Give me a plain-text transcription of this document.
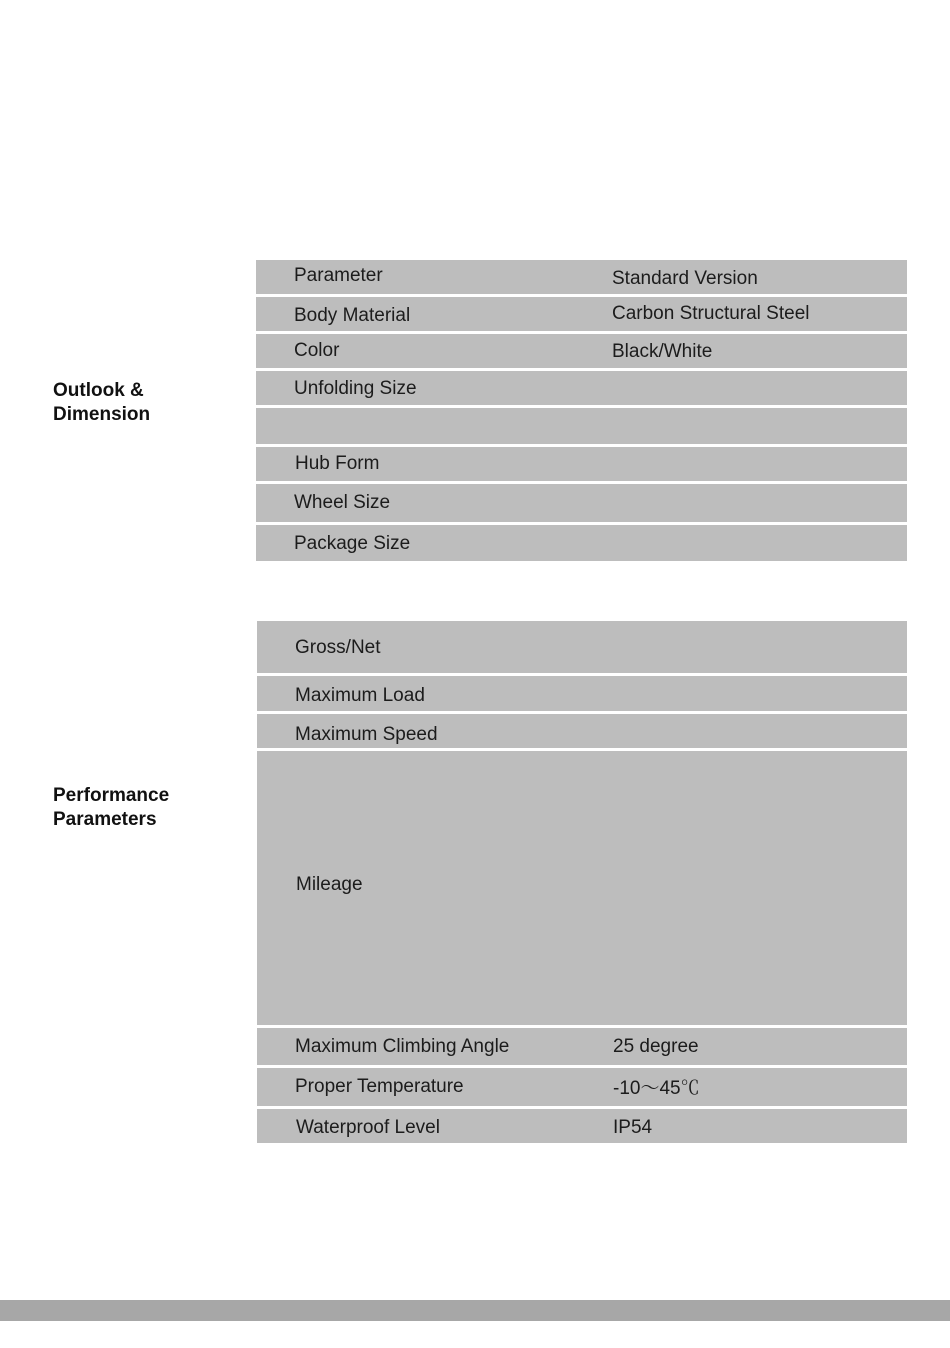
Outlook &
Dimension
Performance
Parameters
Parameter	Standard Version
Body Material	Carbon Structural Steel
Color	Black/White
Unfolding Size
Hub Form
Wheel Size
Package Size
Gross/Net
Maximum Load
Maximum Speed
Mileage
Maximum Climbing Angle	25 degree
Proper Temperature	-10～45℃
Waterproof Level	IP54
